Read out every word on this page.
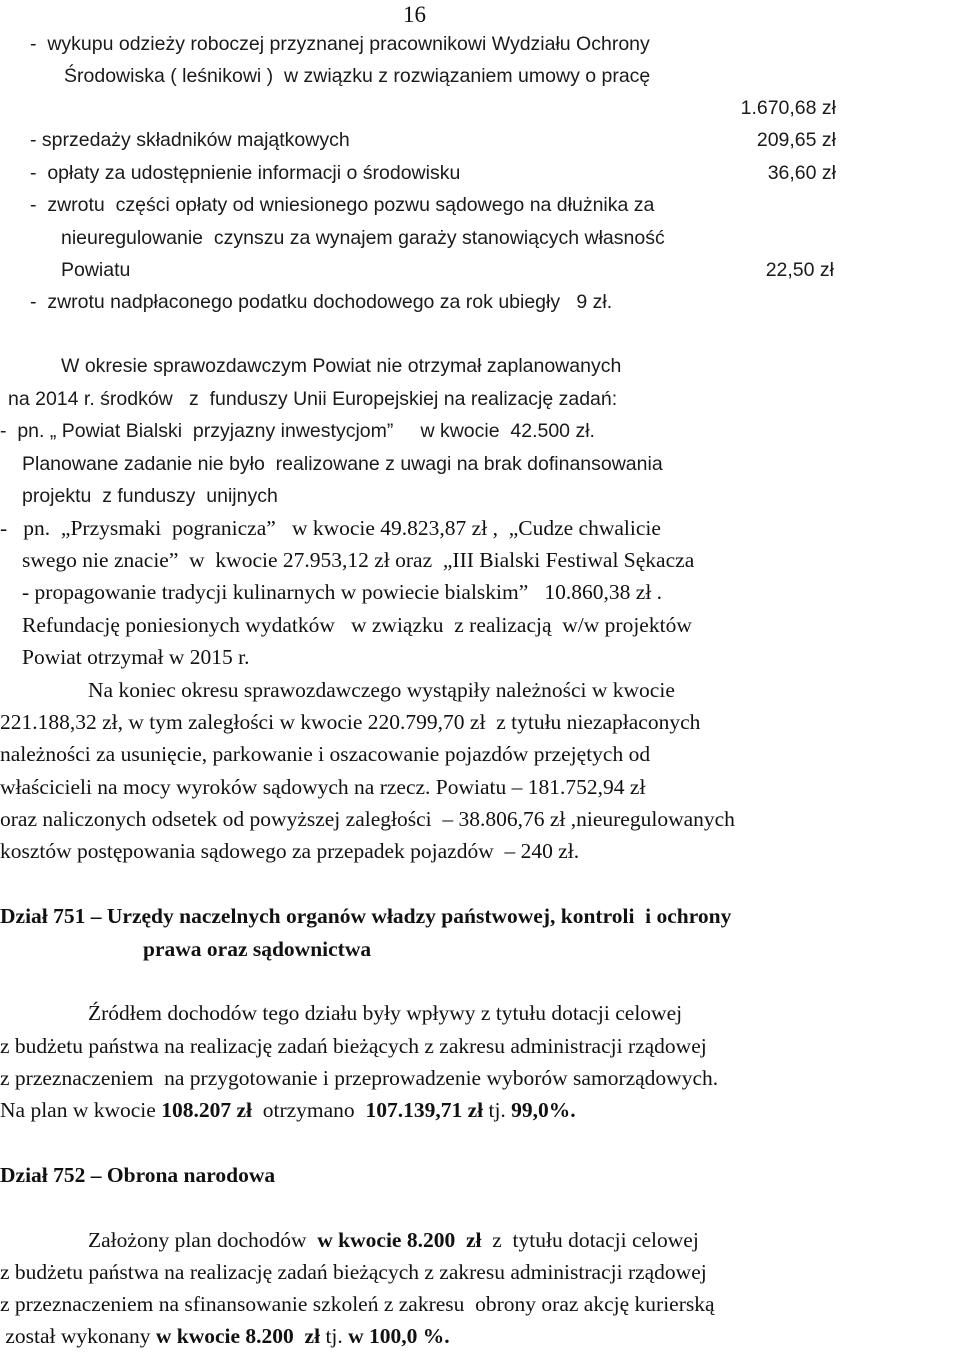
16
-  wykupu odzieży roboczej przyznanej pracownikowi Wydziału Ochrony
Środowiska ( leśnikowi )  w związku z rozwiązaniem umowy o pracę
1.670,68 zł
- sprzedaży składników majątkowych	209,65 zł
-  opłaty za udostępnienie informacji o środowisku	36,60 zł
-  zwrotu  części opłaty od wniesionego pozwu sądowego na dłużnika za
nieuregulowanie  czynszu za wynajem garaży stanowiących własność
Powiatu	22,50 zł
-  zwrotu nadpłaconego podatku dochodowego za rok ubiegły   9 zł.
W okresie sprawozdawczym Powiat nie otrzymał zaplanowanych
na 2014 r. środków   z  funduszy Unii Europejskiej na realizację zadań:
-  pn. „ Powiat Bialski  przyjazny inwestycjom”     w kwocie  42.500 zł.
Planowane zadanie nie było  realizowane z uwagi na brak dofinansowania
projektu  z funduszy  unijnych
-   pn.  „Przysmaki  pogranicza”   w kwocie 49.823,87 zł ,  „Cudze chwalicie
swego nie znacie”  w  kwocie 27.953,12 zł oraz  „III Bialski Festiwal Sękacza
- propagowanie tradycji kulinarnych w powiecie bialskim”   10.860,38 zł .
Refundację poniesionych wydatków   w związku  z realizacją  w/w projektów
Powiat otrzymał w 2015 r.
Na koniec okresu sprawozdawczego wystąpiły należności w kwocie
221.188,32 zł, w tym zaległości w kwocie 220.799,70 zł  z tytułu niezapłaconych
należności za usunięcie, parkowanie i oszacowanie pojazdów przejętych od
właścicieli na mocy wyroków sądowych na rzecz. Powiatu – 181.752,94 zł
oraz naliczonych odsetek od powyższej zaległości  – 38.806,76 zł ,nieuregulowanych
kosztów postępowania sądowego za przepadek pojazdów  – 240 zł.
Dział 751 – Urzędy naczelnych organów władzy państwowej, kontroli  i ochrony
prawa oraz sądownictwa
Źródłem dochodów tego działu były wpływy z tytułu dotacji celowej
z budżetu państwa na realizację zadań bieżących z zakresu administracji rządowej
z przeznaczeniem  na przygotowanie i przeprowadzenie wyborów samorządowych.
Na plan w kwocie 108.207 zł  otrzymano  107.139,71 zł tj. 99,0%.
Dział 752 – Obrona narodowa
Założony plan dochodów  w kwocie 8.200  zł  z  tytułu dotacji celowej
z budżetu państwa na realizację zadań bieżących z zakresu administracji rządowej
z przeznaczeniem na sfinansowanie szkoleń z zakresu  obrony oraz akcję kurierską
został wykonany w kwocie 8.200  zł tj. w 100,0 %.
